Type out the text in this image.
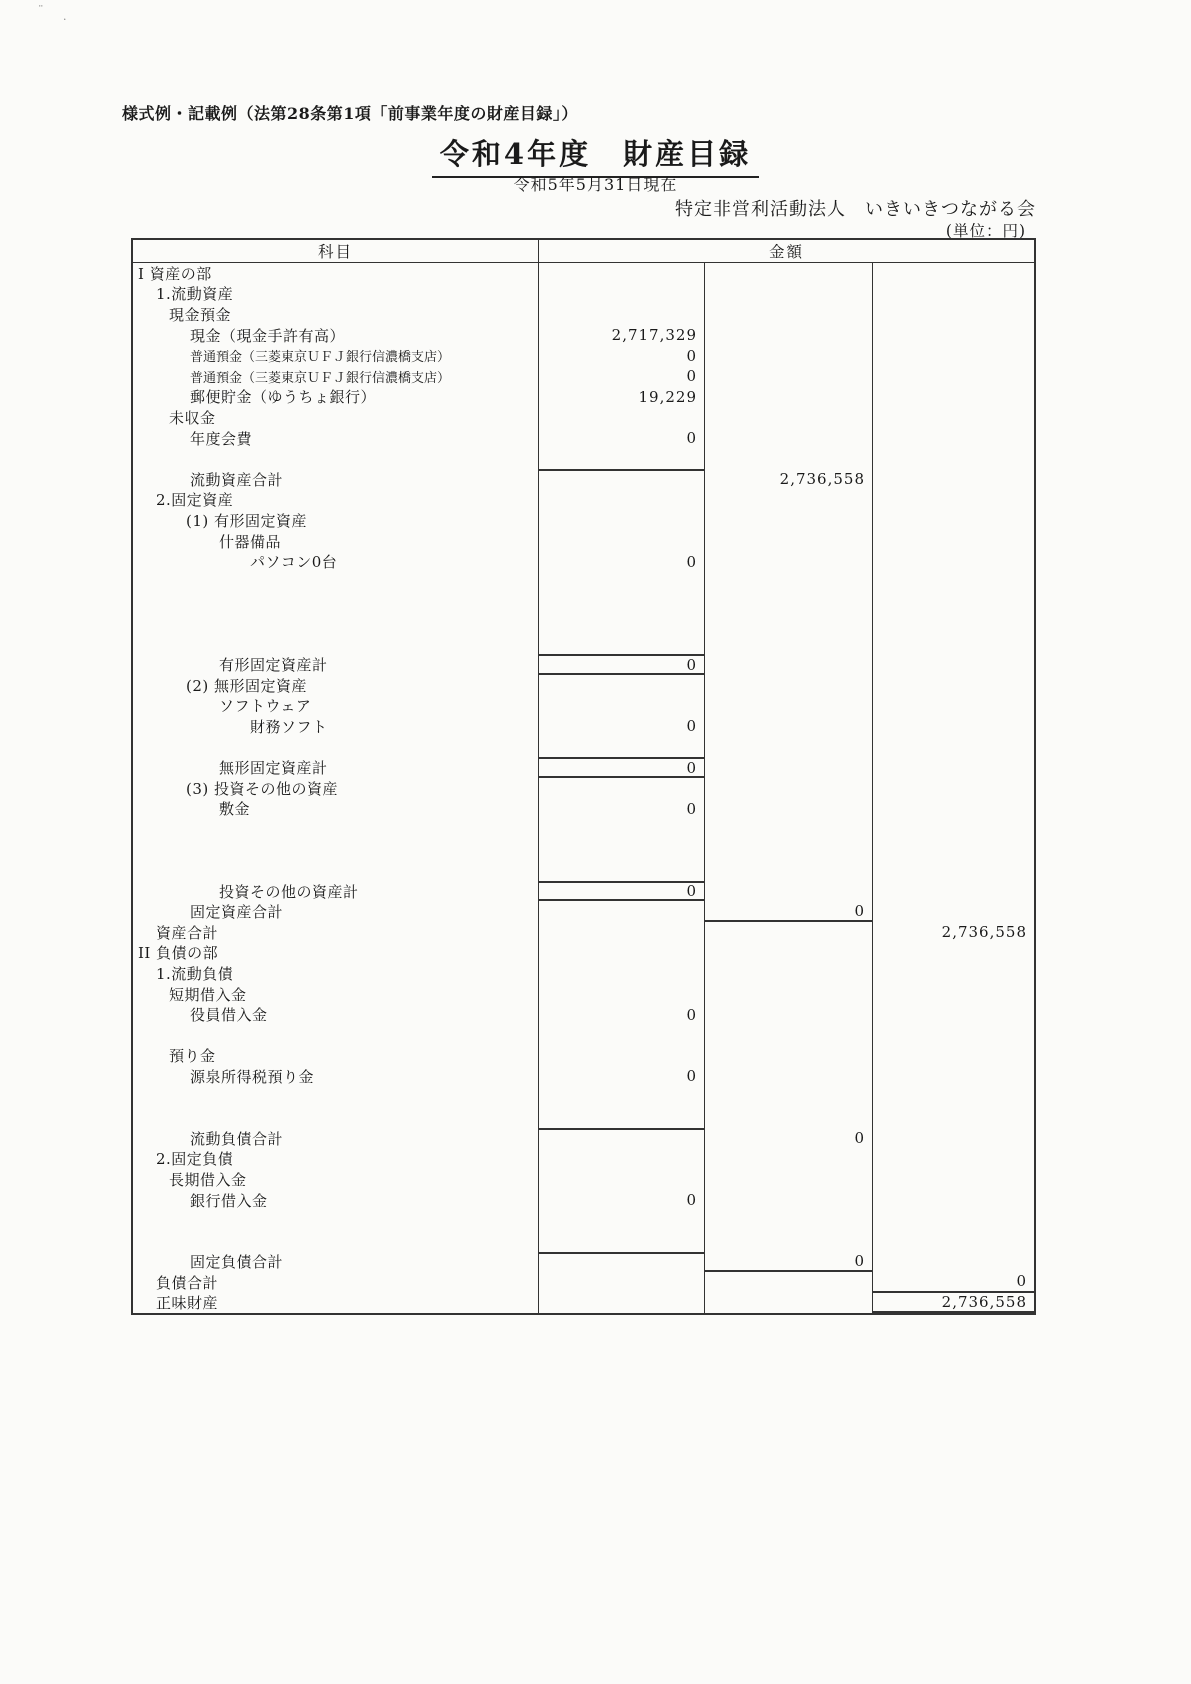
¨
·
様式例・記載例（法第28条第1項「前事業年度の財産目録」）
令和4年度　財産目録
令和5年5月31日現在
特定非営利活動法人　いきいきつながる会
(単位：円)
科目	金額
I 資産の部
1.流動資産
現金預金
現金（現金手許有高）	2,717,329
普通預金（三菱東京ＵＦＪ銀行信濃橋支店）	0
普通預金（三菱東京ＵＦＪ銀行信濃橋支店）	0
郵便貯金（ゆうちょ銀行）	19,229
未収金
年度会費	0
流動資産合計	2,736,558
2.固定資産
(1) 有形固定資産
什器備品
パソコン0台	0
有形固定資産計	0
(2) 無形固定資産
ソフトウェア
財務ソフト	0
無形固定資産計	0
(3) 投資その他の資産
敷金	0
投資その他の資産計	0
固定資産合計	0
資産合計	2,736,558
II 負債の部
1.流動負債
短期借入金
役員借入金	0
預り金
源泉所得税預り金	0
流動負債合計	0
2.固定負債
長期借入金
銀行借入金	0
固定負債合計	0
負債合計	0
正味財産	2,736,558
